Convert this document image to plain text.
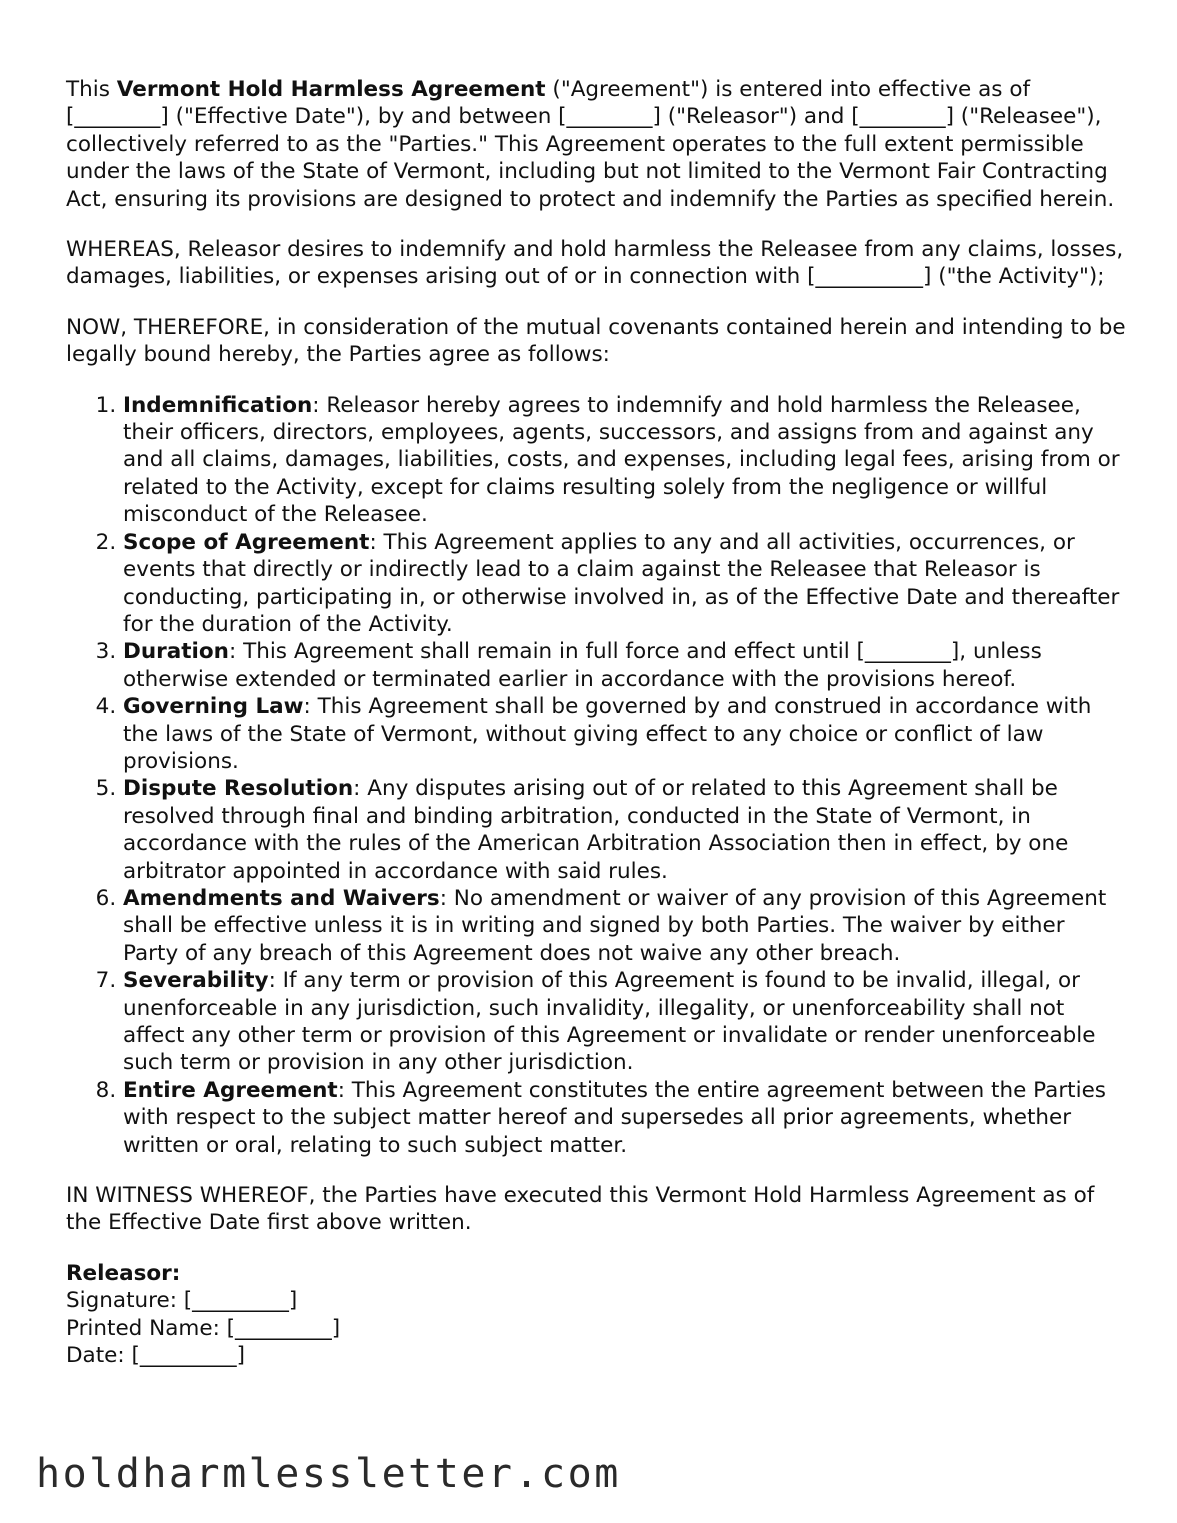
This Vermont Hold Harmless Agreement ("Agreement") is entered into effective as of [________] ("Effective Date"), by and between [________] ("Releasor") and [________] ("Releasee"), collectively referred to as the "Parties." This Agreement operates to the full extent permissible under the laws of the State of Vermont, including but not limited to the Vermont Fair Contracting Act, ensuring its provisions are designed to protect and indemnify the Parties as specified herein.

WHEREAS, Releasor desires to indemnify and hold harmless the Releasee from any claims, losses, damages, liabilities, or expenses arising out of or in connection with [__________] ("the Activity");

NOW, THEREFORE, in consideration of the mutual covenants contained herein and intending to be legally bound hereby, the Parties agree as follows:

1. Indemnification: Releasor hereby agrees to indemnify and hold harmless the Releasee, their officers, directors, employees, agents, successors, and assigns from and against any and all claims, damages, liabilities, costs, and expenses, including legal fees, arising from or related to the Activity, except for claims resulting solely from the negligence or willful misconduct of the Releasee.
2. Scope of Agreement: This Agreement applies to any and all activities, occurrences, or events that directly or indirectly lead to a claim against the Releasee that Releasor is conducting, participating in, or otherwise involved in, as of the Effective Date and thereafter for the duration of the Activity.
3. Duration: This Agreement shall remain in full force and effect until [________], unless otherwise extended or terminated earlier in accordance with the provisions hereof.
4. Governing Law: This Agreement shall be governed by and construed in accordance with the laws of the State of Vermont, without giving effect to any choice or conflict of law provisions.
5. Dispute Resolution: Any disputes arising out of or related to this Agreement shall be resolved through final and binding arbitration, conducted in the State of Vermont, in accordance with the rules of the American Arbitration Association then in effect, by one arbitrator appointed in accordance with said rules.
6. Amendments and Waivers: No amendment or waiver of any provision of this Agreement shall be effective unless it is in writing and signed by both Parties. The waiver by either Party of any breach of this Agreement does not waive any other breach.
7. Severability: If any term or provision of this Agreement is found to be invalid, illegal, or unenforceable in any jurisdiction, such invalidity, illegality, or unenforceability shall not affect any other term or provision of this Agreement or invalidate or render unenforceable such term or provision in any other jurisdiction.
8. Entire Agreement: This Agreement constitutes the entire agreement between the Parties with respect to the subject matter hereof and supersedes all prior agreements, whether written or oral, relating to such subject matter.

IN WITNESS WHEREOF, the Parties have executed this Vermont Hold Harmless Agreement as of the Effective Date first above written.

Releasor:
Signature: [_________]
Printed Name: [_________]
Date: [_________]
holdharmlessletter.com
